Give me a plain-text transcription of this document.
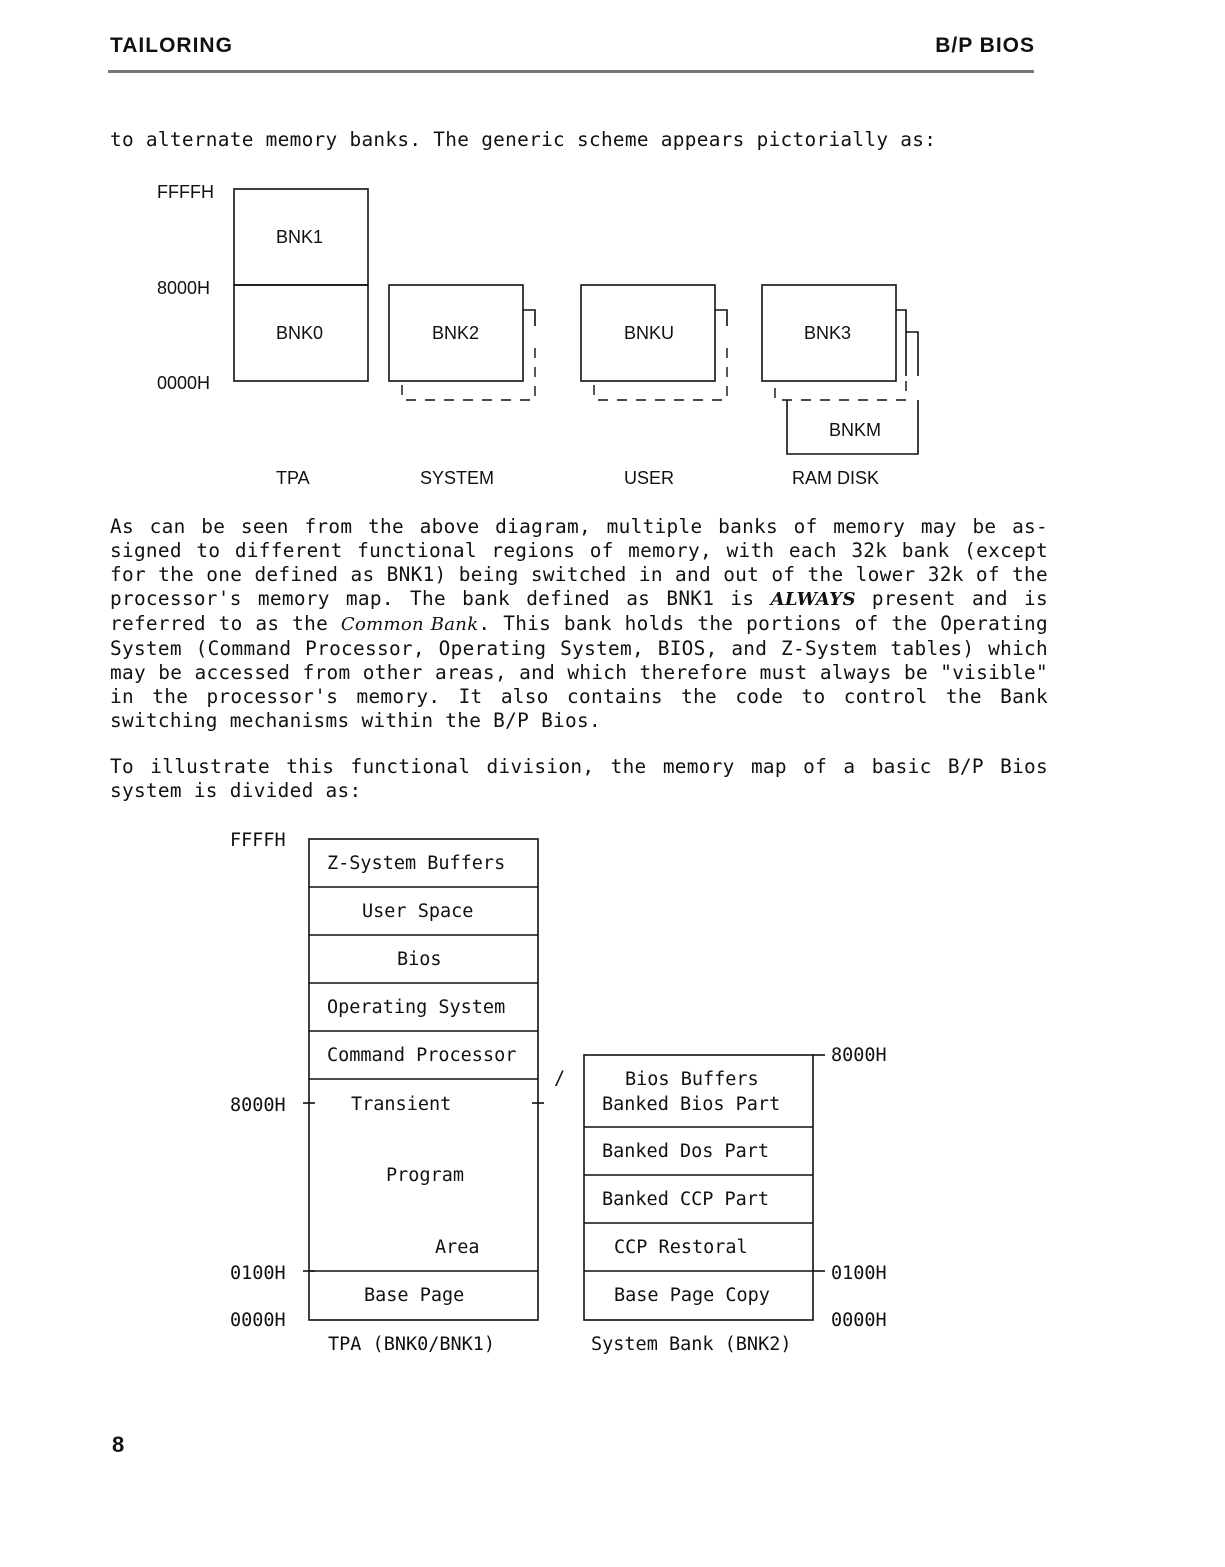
TAILORING	B/P BIOS

to alternate memory banks. The generic scheme appears pictorially as:

FFFFH
8000H
0000H
BNK1
BNK0	BNK2	BNKU	BNK3
BNKM
TPA	SYSTEM	USER	RAM DISK
FFFFH
8000H
0100H
0000H
Z-System Buffers
User Space
Bios
Operating System
Command Processor
Transient
Program
Area
Base Page
TPA (BNK0/BNK1)
/
8000H
0100H
0000H
Bios Buffers
Banked Bios Part
Banked Dos Part
Banked CCP Part
CCP Restoral
Base Page Copy
System Bank (BNK2)

As can be seen from the above diagram, multiple banks of memory may be as-signed to different functional regions of memory, with each 32k bank (except for the one defined as BNK1) being switched in and out of the lower 32k of the processor's memory map. The bank defined as BNK1 is ALWAYS present and is referred to as the Common Bank. This bank holds the portions of the Operating System (Command Processor, Operating System, BIOS, and Z-System tables) which may be accessed from other areas, and which therefore must always be "visible" in the processor's memory. It also contains the code to control the Bank switching mechanisms within the B/P Bios.

To illustrate this functional division, the memory map of a basic B/P Bios system is divided as:

8
